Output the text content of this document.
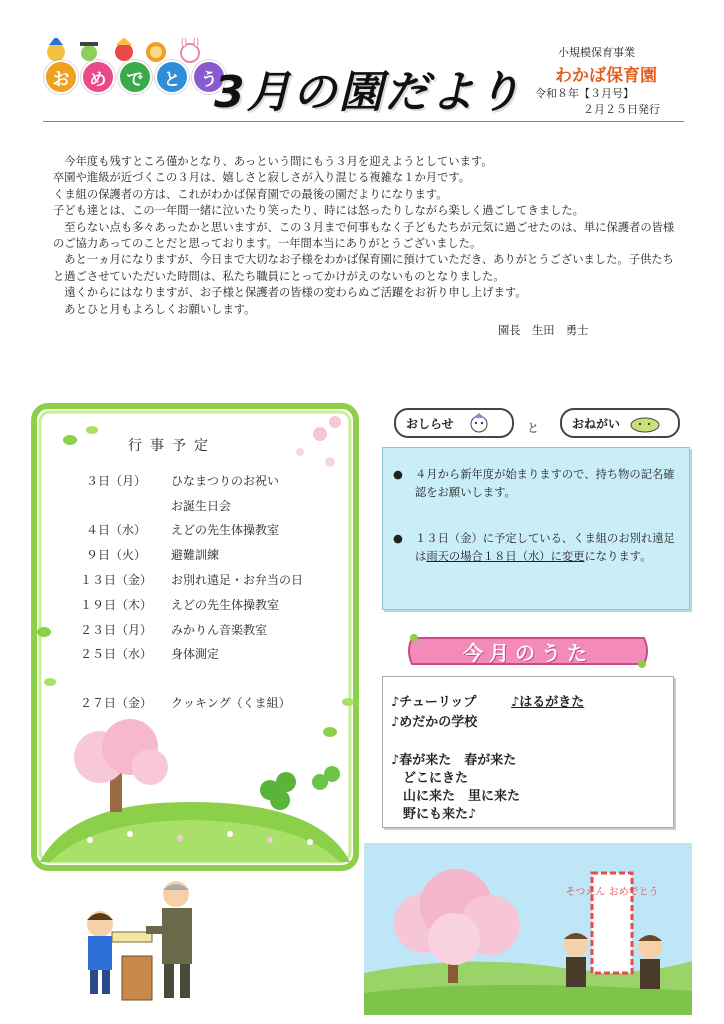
お	め	で	と	う
3月の園だより
小規模保育事業
わかば保育園
令和８年【３月号】
２月２５日発行

　今年度も残すところ僅かとなり、あっという間にもう３月を迎えようとしています。

卒園や進級が近づくこの３月は、嬉しさと寂しさが入り混じる複雑な１か月です。

くま組の保護者の方は、これがわかば保育園での最後の園だよりになります。

子ども達とは、この一年間一緒に泣いたり笑ったり、時には怒ったりしながら楽しく過ごしてきました。

　至らない点も多々あったかと思いますが、この３月まで何事もなく子どもたちが元気に過ごせたのは、単に保護者の皆様のご協力あってのことだと思っております。一年間本当にありがとうございました。

　あと一ヵ月になりますが、今日まで大切なお子様をわかば保育園に預けていただき、ありがとうございました。子供たちと過ごさせていただいた時間は、私たち職員にとってかけがえのないものとなりました。

　遠くからにはなりますが、お子様と保護者の皆様の変わらぬご活躍をお祈り申し上げます。

　あとひと月もよろしくお願いします。

園長　生田　勇士
行事予定
３日（月）	ひなまつりのお祝い
お誕生日会
４日（水）	えどの先生体操教室
９日（火）	避難訓練
１３日（金） お別れ遠足・お弁当の日
１９日（木） えどの先生体操教室
２３日（月） みかりん音楽教室
２５日（水） 身体測定
２７日（金） クッキング（くま組）
おしらせ	と	おねがい
●	４月から新年度が始まりますので、持ち物の記名確認をお願いします。
●	１３日（金）に予定している、くま組のお別れ遠足は雨天の場合１８日（水）に変更になります。
今月のうた
♪チューリップ	♪はるがきた
♪めだかの学校
♪春が来た　春が来た
どこにきた
山に来た　里に来た
野にも来た♪
そつえん おめでとう
